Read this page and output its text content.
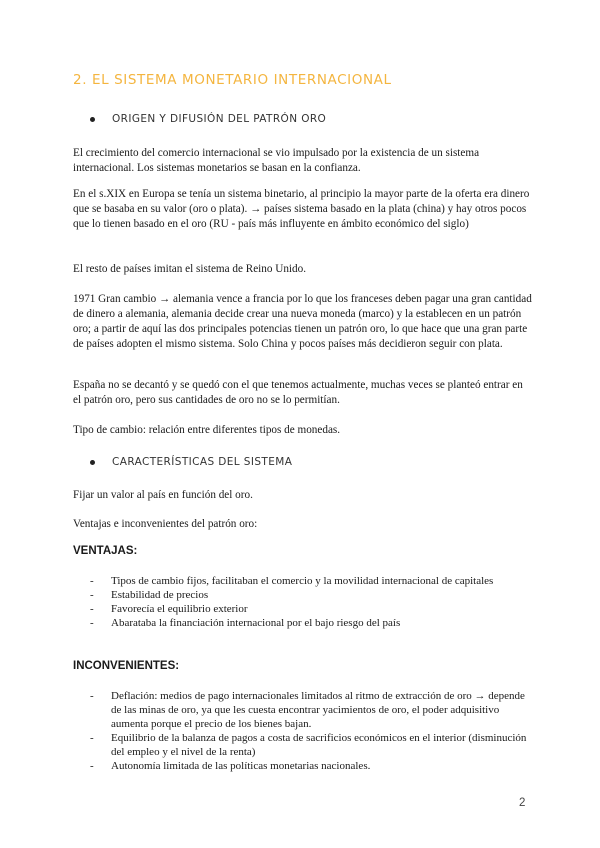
2. EL SISTEMA MONETARIO INTERNACIONAL
ORIGEN Y DIFUSIÓN DEL PATRÓN ORO

El crecimiento del comercio internacional se vio impulsado por la existencia de un sistema internacional. Los sistemas monetarios se basan en la confianza.

En el s.XIX en Europa se tenía un sistema binetario, al principio la mayor parte de la oferta era dinero que se basaba en su valor (oro o plata). → países sistema basado en la plata (china) y hay otros pocos que lo tienen basado en el oro (RU - país más influyente en ámbito económico del siglo)

El resto de países imitan el sistema de Reino Unido.

1971 Gran cambio → alemania vence a francia por lo que los franceses deben pagar una gran cantidad de dinero a alemania, alemania decide crear una nueva moneda (marco) y la establecen en un patrón oro; a partir de aquí las dos principales potencias tienen un patrón oro, lo que hace que una gran parte de países adopten el mismo sistema. Solo China y pocos países más decidieron seguir con plata.

España no se decantó y se quedó con el que tenemos actualmente, muchas veces se planteó entrar en el patrón oro, pero sus cantidades de oro no se lo permitían.

Tipo de cambio: relación entre diferentes tipos de monedas.

CARACTERÍSTICAS DEL SISTEMA

Fijar un valor al país en función del oro.

Ventajas e inconvenientes del patrón oro:

VENTAJAS:
- Tipos de cambio fijos, facilitaban el comercio y la movilidad internacional de capitales
- Estabilidad de precios
- Favorecía el equilibrio exterior
- Abarataba la financiación internacional por el bajo riesgo del país
INCONVENIENTES:
- Deflación: medios de pago internacionales limitados al ritmo de extracción de oro → depende de las minas de oro, ya que les cuesta encontrar yacimientos de oro, el poder adquisitivo aumenta porque el precio de los bienes bajan.
- Equilibrio de la balanza de pagos a costa de sacrificios económicos en el interior (disminución del empleo y el nivel de la renta)
- Autonomía limitada de las políticas monetarias nacionales.
2
